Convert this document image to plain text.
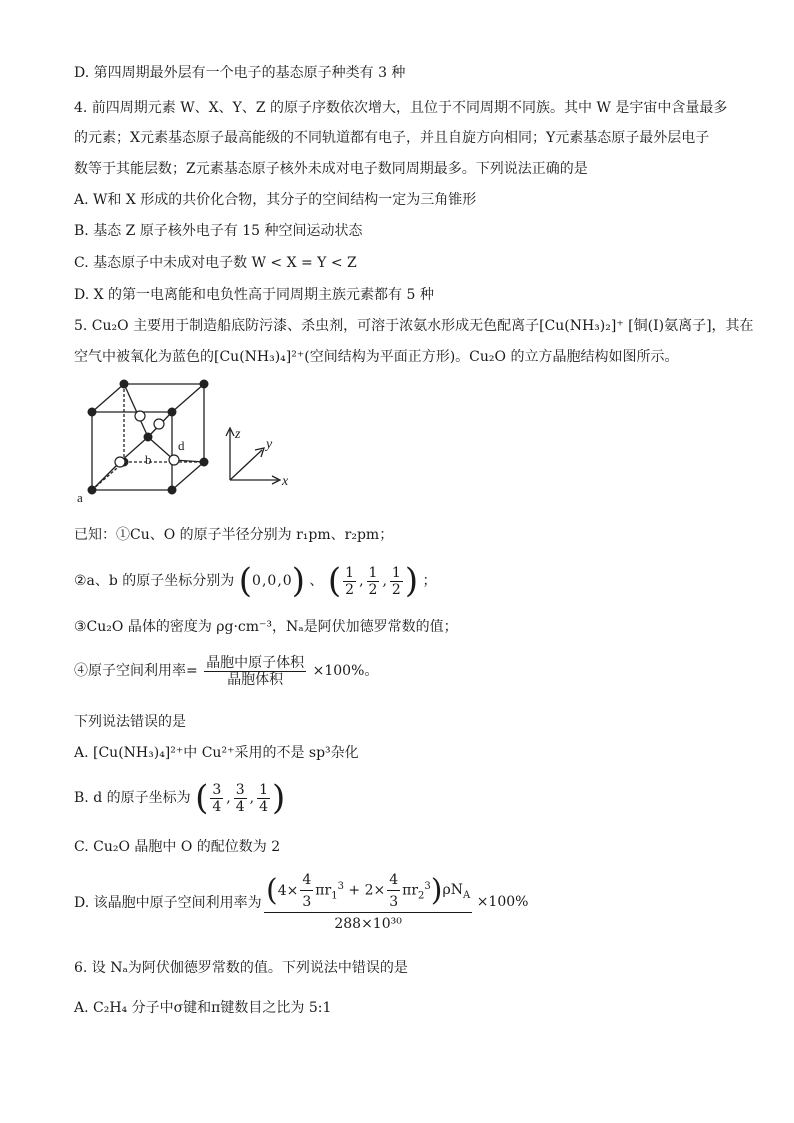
D. 第四周期最外层有一个电子的基态原子种类有 3 种
4. 前四周期元素 W、X、Y、Z 的原子序数依次增大，且位于不同周期不同族。其中 W 是宇宙中含量最多
的元素；X元素基态原子最高能级的不同轨道都有电子，并且自旋方向相同；Y元素基态原子最外层电子
数等于其能层数；Z元素基态原子核外未成对电子数同周期最多。下列说法正确的是
A. W和 X 形成的共价化合物，其分子的空间结构一定为三角锥形
B. 基态 Z 原子核外电子有 15 种空间运动状态
C. 基态原子中未成对电子数 W < X = Y < Z
D. X 的第一电离能和电负性高于同周期主族元素都有 5 种
5. Cu₂O 主要用于制造船底防污漆、杀虫剂，可溶于浓氨水形成无色配离子[Cu(NH₃)₂]⁺ [铜(I)氨离子]，其在
空气中被氧化为蓝色的[Cu(NH₃)₄]²⁺(空间结构为平面正方形)。Cu₂O 的立方晶胞结构如图所示。
a
b
d
z
y
x
已知：①Cu、O 的原子半径分别为 r₁pm、r₂pm；
②a、b 的原子坐标分别为 ( 0 , 0 , 0 ) 、 ( $\frac{1}{2}$ , $\frac{1}{2}$ , $\frac{1}{2}$ ) ；
③Cu₂O 晶体的密度为 ρg·cm⁻³，Nₐ是阿伏加德罗常数的值；
④原子空间利用率= $\frac{\text{晶胞中原子体积}}{\text{晶胞体积}} \times 100\%$。
下列说法错误的是
A. [Cu(NH₃)₄]²⁺中 Cu²⁺采用的不是 sp³杂化
B. d 的原子坐标为 ( $\frac{3}{4}$ , $\frac{3}{4}$ , $\frac{1}{4}$ )
C. Cu₂O 晶胞中 O 的配位数为 2
D. 该晶胞中原子空间利用率为 ( $4\times \frac{4}{3} \pi r_1^3 + 2\times \frac{4}{3} \pi r_2^3$ ) $\rho N_A$
288×10³⁰
×100%
6. 设 Nₐ为阿伏伽德罗常数的值。下列说法中错误的是
A. C₂H₄ 分子中σ键和π键数目之比为 5:1
